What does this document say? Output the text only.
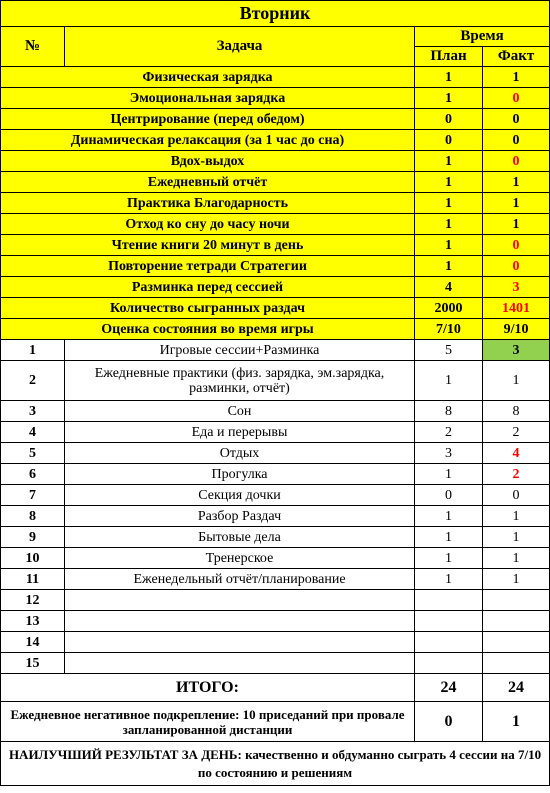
Вторник			
№	Задача	Время	
		План	Факт
Физическая зарядка		1	1
Эмоциональная зарядка		1	0
Центрирование (перед обедом)		0	0
Динамическая релаксация (за 1 час до сна)		0	0
Вдох-выдох		1	0
Ежедневный отчёт		1	1
Практика Благодарность		1	1
Отход ко сну до часу ночи		1	1
Чтение книги 20 минут в день		1	0
Повторение тетради Стратегии		1	0
Разминка перед сессией		4	3
Количество сыгранных раздач		2000	1401
Оценка состояния во время игры		7/10	9/10
1	Игровые сессии+Разминка	5	3
2	Ежедневные практики (физ. зарядка, эм.зарядка, разминки, отчёт)	1	1
3	Сон	8	8
4	Еда и перерывы	2	2
5	Отдых	3	4
6	Прогулка	1	2
7	Секция дочки	0	0
8	Разбор Раздач	1	1
9	Бытовые дела	1	1
10	Тренерское	1	1
11	Еженедельный отчёт/планирование	1	1
12			
13			
14			
15			
ИТОГО:		24	24
Ежедневное негативное подкрепление: 10 приседаний при провале запланированной дистанции		0	1
НАИЛУЧШИЙ РЕЗУЛЬТАТ ЗА ДЕНЬ: качественно и обдуманно сыграть 4 сессии на 7/10 по состоянию и решениям			
